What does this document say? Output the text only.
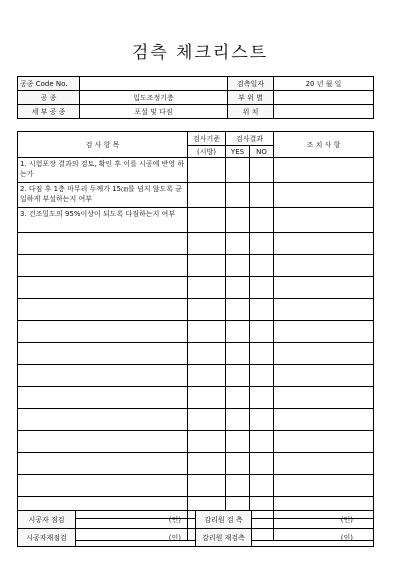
검측 체크리스트
공종 Code No.		검측일자	20 년 월 일
공 종	입도조정기층	부 위 별	
세 부 공 종	포설 및 다짐	위 치	
검 사 항 목	검사기준	검사결과		조 치 사 항
	(시방)	YES	NO	
1. 시험포장 결과의 검토, 확인 후 이를 시공에 반영 하는가				
2. 다짐 후 1층 마무리 두께가 15㎝를 넘지 않도록 균일하게 부설하는지 여부				
3. 건조밀도의 95%이상이 되도록 다짐하는지 여부				

시공자 점검	(인)	감리원 검 측	(인)
시공자재점검	(인)	감리원 재검측	(인)
